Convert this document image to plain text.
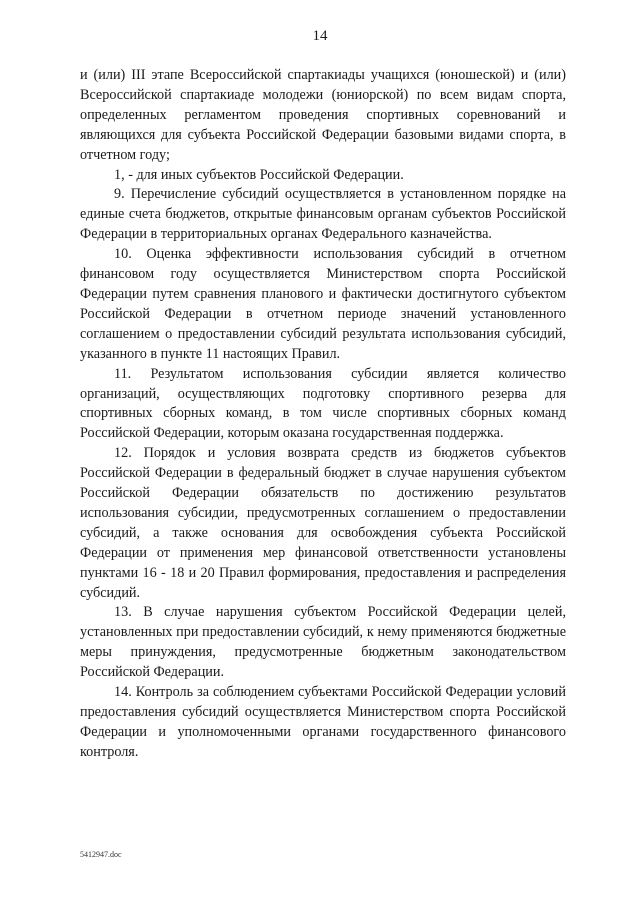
14

и (или) III этапе Всероссийской спартакиады учащихся (юношеской) и (или) Всероссийской спартакиаде молодежи (юниорской) по всем видам спорта, определенных регламентом проведения спортивных соревнований и являющихся для субъекта Российской Федерации базовыми видами спорта, в отчетном году;

1, - для иных субъектов Российской Федерации.

9. Перечисление субсидий осуществляется в установленном порядке на единые счета бюджетов, открытые финансовым органам субъектов Российской Федерации в территориальных органах Федерального казначейства.

10. Оценка эффективности использования субсидий в отчетном финансовом году осуществляется Министерством спорта Российской Федерации путем сравнения планового и фактически достигнутого субъектом Российской Федерации в отчетном периоде значений установленного соглашением о предоставлении субсидий результата использования субсидий, указанного в пункте 11 настоящих Правил.

11. Результатом использования субсидии является количество организаций, осуществляющих подготовку спортивного резерва для спортивных сборных команд, в том числе спортивных сборных команд Российской Федерации, которым оказана государственная поддержка.

12. Порядок и условия возврата средств из бюджетов субъектов Российской Федерации в федеральный бюджет в случае нарушения субъектом Российской Федерации обязательств по достижению результатов использования субсидии, предусмотренных соглашением о предоставлении субсидий, а также основания для освобождения субъекта Российской Федерации от применения мер финансовой ответственности установлены пунктами 16 - 18 и 20 Правил формирования, предоставления и распределения субсидий.

13. В случае нарушения субъектом Российской Федерации целей, установленных при предоставлении субсидий, к нему применяются бюджетные меры принуждения, предусмотренные бюджетным законодательством Российской Федерации.

14. Контроль за соблюдением субъектами Российской Федерации условий предоставления субсидий осуществляется Министерством спорта Российской Федерации и уполномоченными органами государственного финансового контроля.

5412947.doc
